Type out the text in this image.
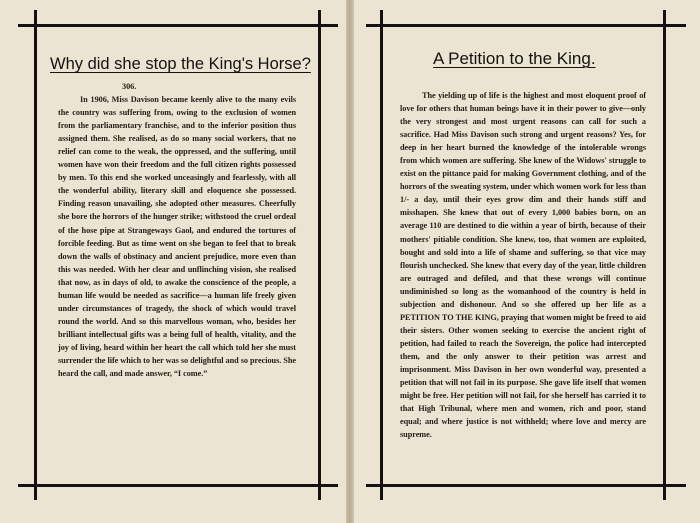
Why did she stop the King's Horse?
306.
In 1906, Miss Davison became keenly alive to the many evils the country was suffering from, owing to the exclusion of women from the parliamentary franchise, and to the inferior position thus assigned them. She realised, as do so many social workers, that no relief can come to the weak, the oppressed, and the suffering, until women have won their freedom and the full citizen rights possessed by men. To this end she worked unceasingly and fearlessly, with all the wonderful ability, literary skill and eloquence she possessed. Finding reason unavailing, she adopted other measures. Cheerfully she bore the horrors of the hunger strike; withstood the cruel ordeal of the hose pipe at Strangeways Gaol, and endured the tortures of forcible feeding. But as time went on she began to feel that to break down the walls of obstinacy and ancient prejudice, more even than this was needed. With her clear and unflinching vision, she realised that now, as in days of old, to awake the conscience of the people, a human life would be needed as sacrifice—a human life freely given under circumstances of tragedy, the shock of which would travel round the world. And so this marvellous woman, who, besides her brilliant intellectual gifts was a being full of health, vitality, and the joy of living, heard within her heart the call which told her she must surrender the life which to her was so delightful and so precious. She heard the call, and made answer, “I come.”
A Petition to the King.
The yielding up of life is the highest and most eloquent proof of love for others that human beings have it in their power to give—only the very strongest and most urgent reasons can call for such a sacrifice. Had Miss Davison such strong and urgent reasons? Yes, for deep in her heart burned the knowledge of the intolerable wrongs from which women are suffering. She knew of the Widows' struggle to exist on the pittance paid for making Government clothing, and of the horrors of the sweating system, under which women work for less than 1/- a day, until their eyes grow dim and their hands stiff and misshapen. She knew that out of every 1,000 babies born, on an average 110 are destined to die within a year of birth, because of their mothers' pitiable condition. She knew, too, that women are exploited, bought and sold into a life of shame and suffering, so that vice may flourish unchecked. She knew that every day of the year, little children are outraged and defiled, and that these wrongs will continue undiminished so long as the womanhood of the country is held in subjection and dishonour. And so she offered up her life as a PETITION TO THE KING, praying that women might be freed to aid their sisters. Other women seeking to exercise the ancient right of petition, had failed to reach the Sovereign, the police had intercepted them, and the only answer to their petition was arrest and imprisonment. Miss Davison in her own wonderful way, presented a petition that will not fail in its purpose. She gave life itself that women might be free. Her petition will not fail, for she herself has carried it to that High Tribunal, where men and women, rich and poor, stand equal; and where justice is not withheld; where love and mercy are supreme.
